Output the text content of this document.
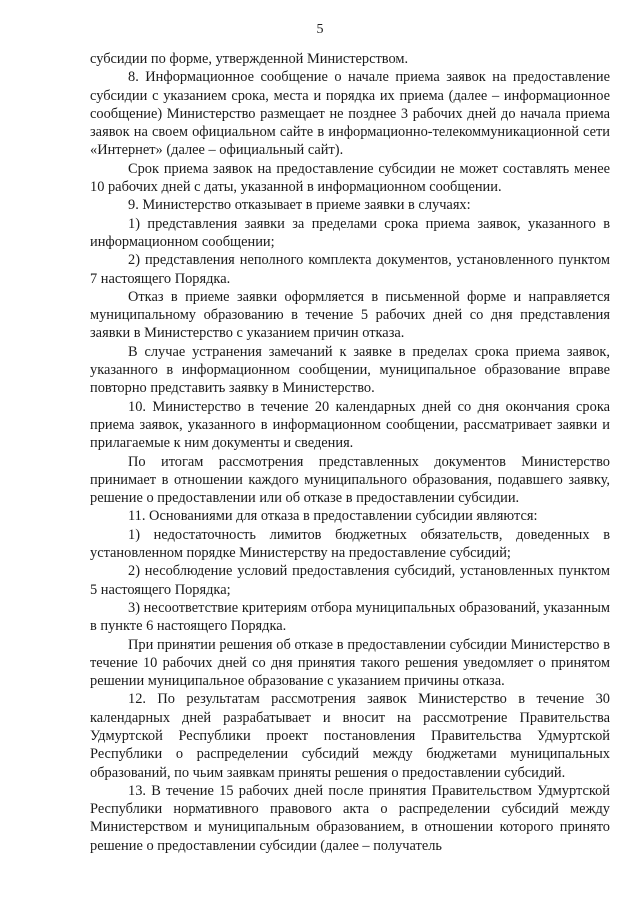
5

субсидии по форме, утвержденной Министерством.

8. Информационное сообщение о начале приема заявок на предоставление субсидии с указанием срока, места и порядка их приема (далее – информационное сообщение) Министерство размещает не позднее 3 рабочих дней до начала приема заявок на своем официальном сайте в информационно-телекоммуникационной сети «Интернет» (далее – официальный сайт).

Срок приема заявок на предоставление субсидии не может составлять менее 10 рабочих дней с даты, указанной в информационном сообщении.

9. Министерство отказывает в приеме заявки в случаях:

1) представления заявки за пределами срока приема заявок, указанного в информационном сообщении;

2) представления неполного комплекта документов, установленного пунктом 7 настоящего Порядка.

Отказ в приеме заявки оформляется в письменной форме и направляется муниципальному образованию в течение 5 рабочих дней со дня представления заявки в Министерство с указанием причин отказа.

В случае устранения замечаний к заявке в пределах срока приема заявок, указанного в информационном сообщении, муниципальное образование вправе повторно представить заявку в Министерство.

10. Министерство в течение 20 календарных дней со дня окончания срока приема заявок, указанного в информационном сообщении, рассматривает заявки и прилагаемые к ним документы и сведения.

По итогам рассмотрения представленных документов Министерство принимает в отношении каждого муниципального образования, подавшего заявку, решение о предоставлении или об отказе в предоставлении субсидии.

11. Основаниями для отказа в предоставлении субсидии являются:

1) недостаточность лимитов бюджетных обязательств, доведенных в установленном порядке Министерству на предоставление субсидий;

2) несоблюдение условий предоставления субсидий, установленных пунктом 5 настоящего Порядка;

3) несоответствие критериям отбора муниципальных образований, указанным в пункте 6 настоящего Порядка.

При принятии решения об отказе в предоставлении субсидии Министерство в течение 10 рабочих дней со дня принятия такого решения уведомляет о принятом решении муниципальное образование с указанием причины отказа.

12. По результатам рассмотрения заявок Министерство в течение 30 календарных дней разрабатывает и вносит на рассмотрение Правительства Удмуртской Республики проект постановления Правительства Удмуртской Республики о распределении субсидий между бюджетами муниципальных образований, по чьим заявкам приняты решения о предоставлении субсидий.

13. В течение 15 рабочих дней после принятия Правительством Удмуртской Республики нормативного правового акта о распределении субсидий между Министерством и муниципальным образованием, в отношении которого принято решение о предоставлении субсидии (далее – получатель
